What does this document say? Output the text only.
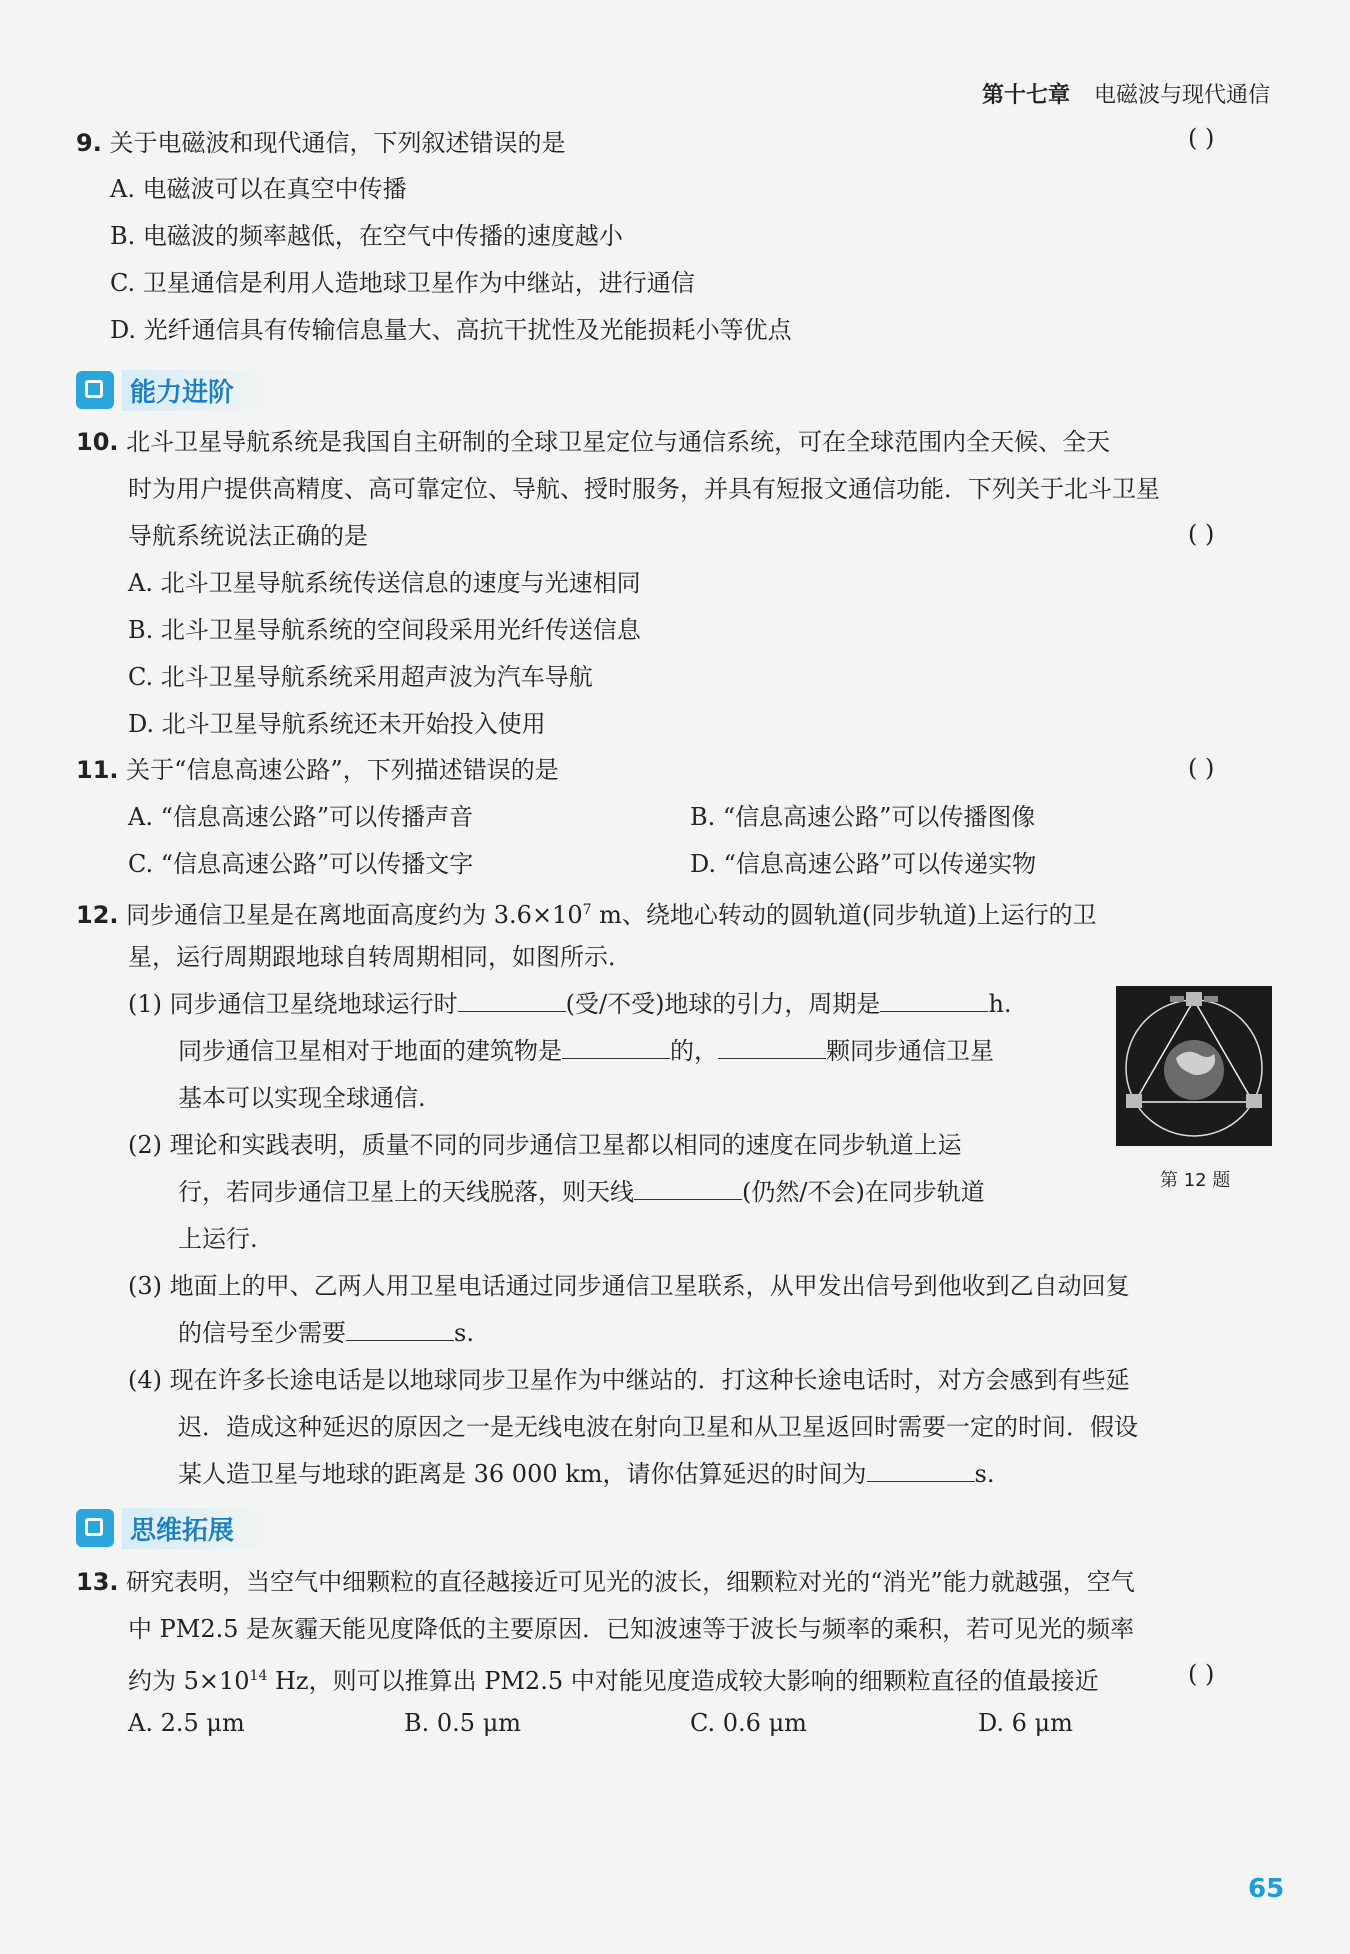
第十七章 电磁波与现代通信
9. 关于电磁波和现代通信，下列叙述错误的是	( )
A. 电磁波可以在真空中传播
B. 电磁波的频率越低，在空气中传播的速度越小
C. 卫星通信是利用人造地球卫星作为中继站，进行通信
D. 光纤通信具有传输信息量大、高抗干扰性及光能损耗小等优点
能力进阶
10. 北斗卫星导航系统是我国自主研制的全球卫星定位与通信系统，可在全球范围内全天候、全天
时为用户提供高精度、高可靠定位、导航、授时服务，并具有短报文通信功能．下列关于北斗卫星
导航系统说法正确的是	( )
A. 北斗卫星导航系统传送信息的速度与光速相同
B. 北斗卫星导航系统的空间段采用光纤传送信息
C. 北斗卫星导航系统采用超声波为汽车导航
D. 北斗卫星导航系统还未开始投入使用
11. 关于“信息高速公路”，下列描述错误的是	( )
A. “信息高速公路”可以传播声音	B. “信息高速公路”可以传播图像
C. “信息高速公路”可以传播文字	D. “信息高速公路”可以传递实物
12. 同步通信卫星是在离地面高度约为 $3.6\times 10^7$ m、绕地心转动的圆轨道(同步轨道)上运行的卫
星，运行周期跟地球自转周期相同，如图所示．
(1) 同步通信卫星绕地球运行时	(受/不受)地球的引力，周期是	h.
同步通信卫星相对于地面的建筑物是	的，	颗同步通信卫星
基本可以实现全球通信.
第 12 题
(2) 理论和实践表明，质量不同的同步通信卫星都以相同的速度在同步轨道上运
行，若同步通信卫星上的天线脱落，则天线	(仍然/不会)在同步轨道
上运行.
(3) 地面上的甲、乙两人用卫星电话通过同步通信卫星联系，从甲发出信号到他收到乙自动回复
的信号至少需要	s.
(4) 现在许多长途电话是以地球同步卫星作为中继站的．打这种长途电话时，对方会感到有些延
迟．造成这种延迟的原因之一是无线电波在射向卫星和从卫星返回时需要一定的时间．假设
某人造卫星与地球的距离是 36 000 km，请你估算延迟的时间为	s.
思维拓展
13. 研究表明，当空气中细颗粒的直径越接近可见光的波长，细颗粒对光的“消光”能力就越强，空气
中 PM2.5 是灰霾天能见度降低的主要原因．已知波速等于波长与频率的乘积，若可见光的频率
约为 $5\times 10^{14}$ Hz，则可以推算出 PM2.5 中对能见度造成较大影响的细颗粒直径的值最接近	( )
A. 2.5 μm	B. 0.5 μm	C. 0.6 μm	D. 6 μm
65
